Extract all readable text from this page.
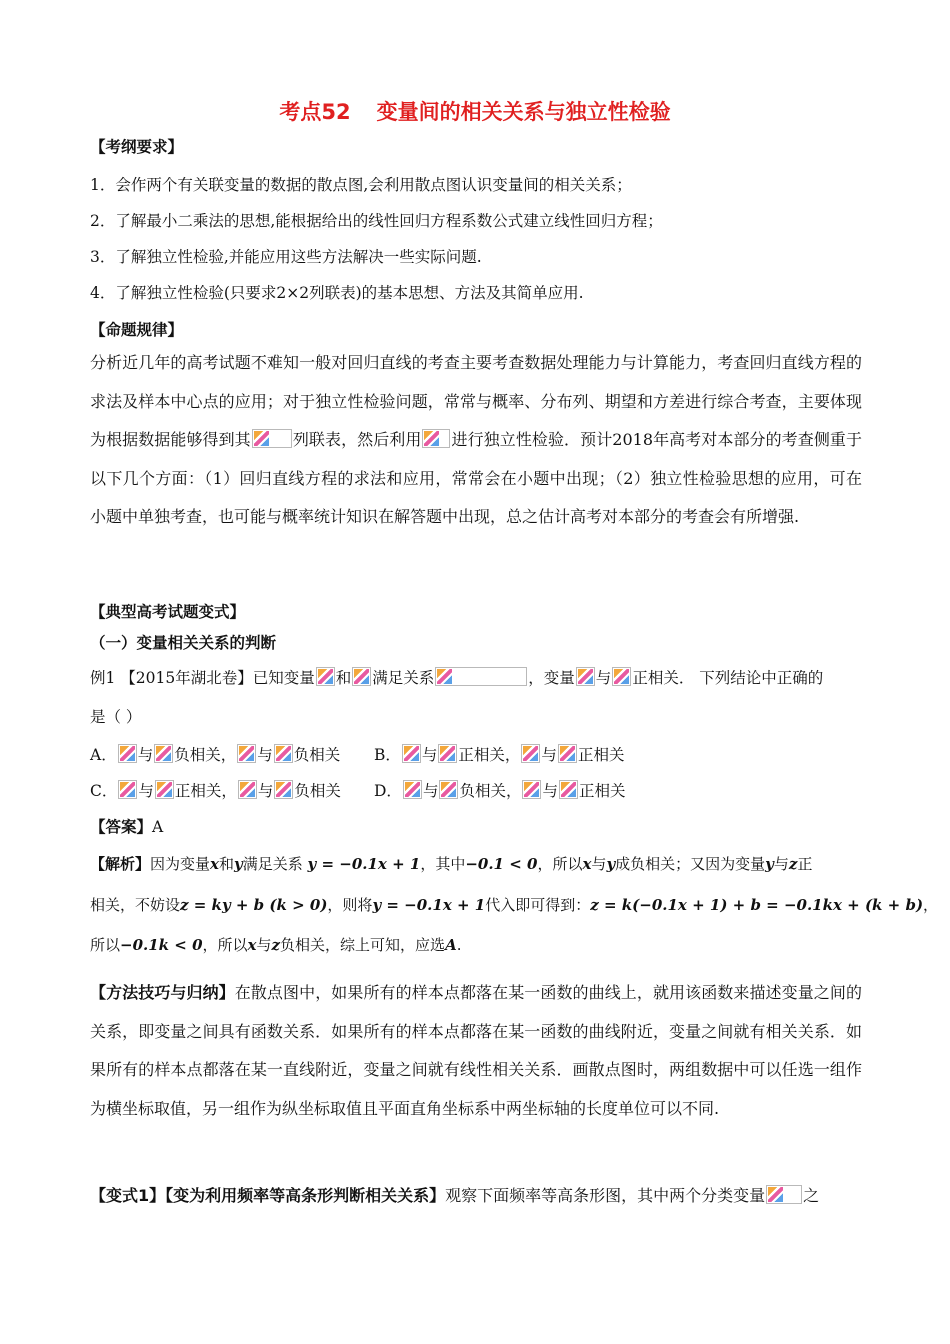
考点52 变量间的相关关系与独立性检验
【考纲要求】
1．会作两个有关联变量的数据的散点图,会利用散点图认识变量间的相关关系；
2．了解最小二乘法的思想,能根据给出的线性回归方程系数公式建立线性回归方程；
3．了解独立性检验,并能应用这些方法解决一些实际问题.
4．了解独立性检验(只要求2×2列联表)的基本思想、方法及其简单应用.
【命题规律】
分析近几年的高考试题不难知一般对回归直线的考查主要考查数据处理能力与计算能力，考查回归直线方程的求法及样本中心点的应用；对于独立性检验问题，常常与概率、分布列、期望和方差进行综合考查，主要体现为根据数据能够得到其	列联表，然后利用 进行独立性检验．预计2018年高考对本部分的考查侧重于以下几个方面：（1）回归直线方程的求法和应用，常常会在小题中出现；（2）独立性检验思想的应用，可在小题中单独考查，也可能与概率统计知识在解答题中出现，总之估计高考对本部分的考查会有所增强.
【典型高考试题变式】
（一）变量相关关系的判断
例1 【2015年湖北卷】已知变量 和 满足关系	，变量 与 正相关． 下列结论中正确的
是（ ）
A． 与 负相关， 与 负相关 B． 与 正相关， 与 正相关
C． 与 正相关， 与 负相关 D． 与 负相关， 与 正相关
【答案】A
【解析】因为变量x和y满足关系 y = −0.1x + 1，其中−0.1 < 0，所以x与y成负相关；又因为变量y与z正
相关，不妨设z = ky + b (k > 0)，则将y = −0.1x + 1代入即可得到：z = k(−0.1x + 1) + b = −0.1kx + (k + b)，
所以−0.1k < 0，所以x与z负相关，综上可知，应选A.
【方法技巧与归纳】在散点图中，如果所有的样本点都落在某一函数的曲线上，就用该函数来描述变量之间的关系，即变量之间具有函数关系．如果所有的样本点都落在某一函数的曲线附近，变量之间就有相关关系．如果所有的样本点都落在某一直线附近，变量之间就有线性相关关系．画散点图时，两组数据中可以任选一组作为横坐标取值，另一组作为纵坐标取值且平面直角坐标系中两坐标轴的长度单位可以不同.
【变式1】【变为利用频率等高条形判断相关关系】观察下面频率等高条形图，其中两个分类变量 之
